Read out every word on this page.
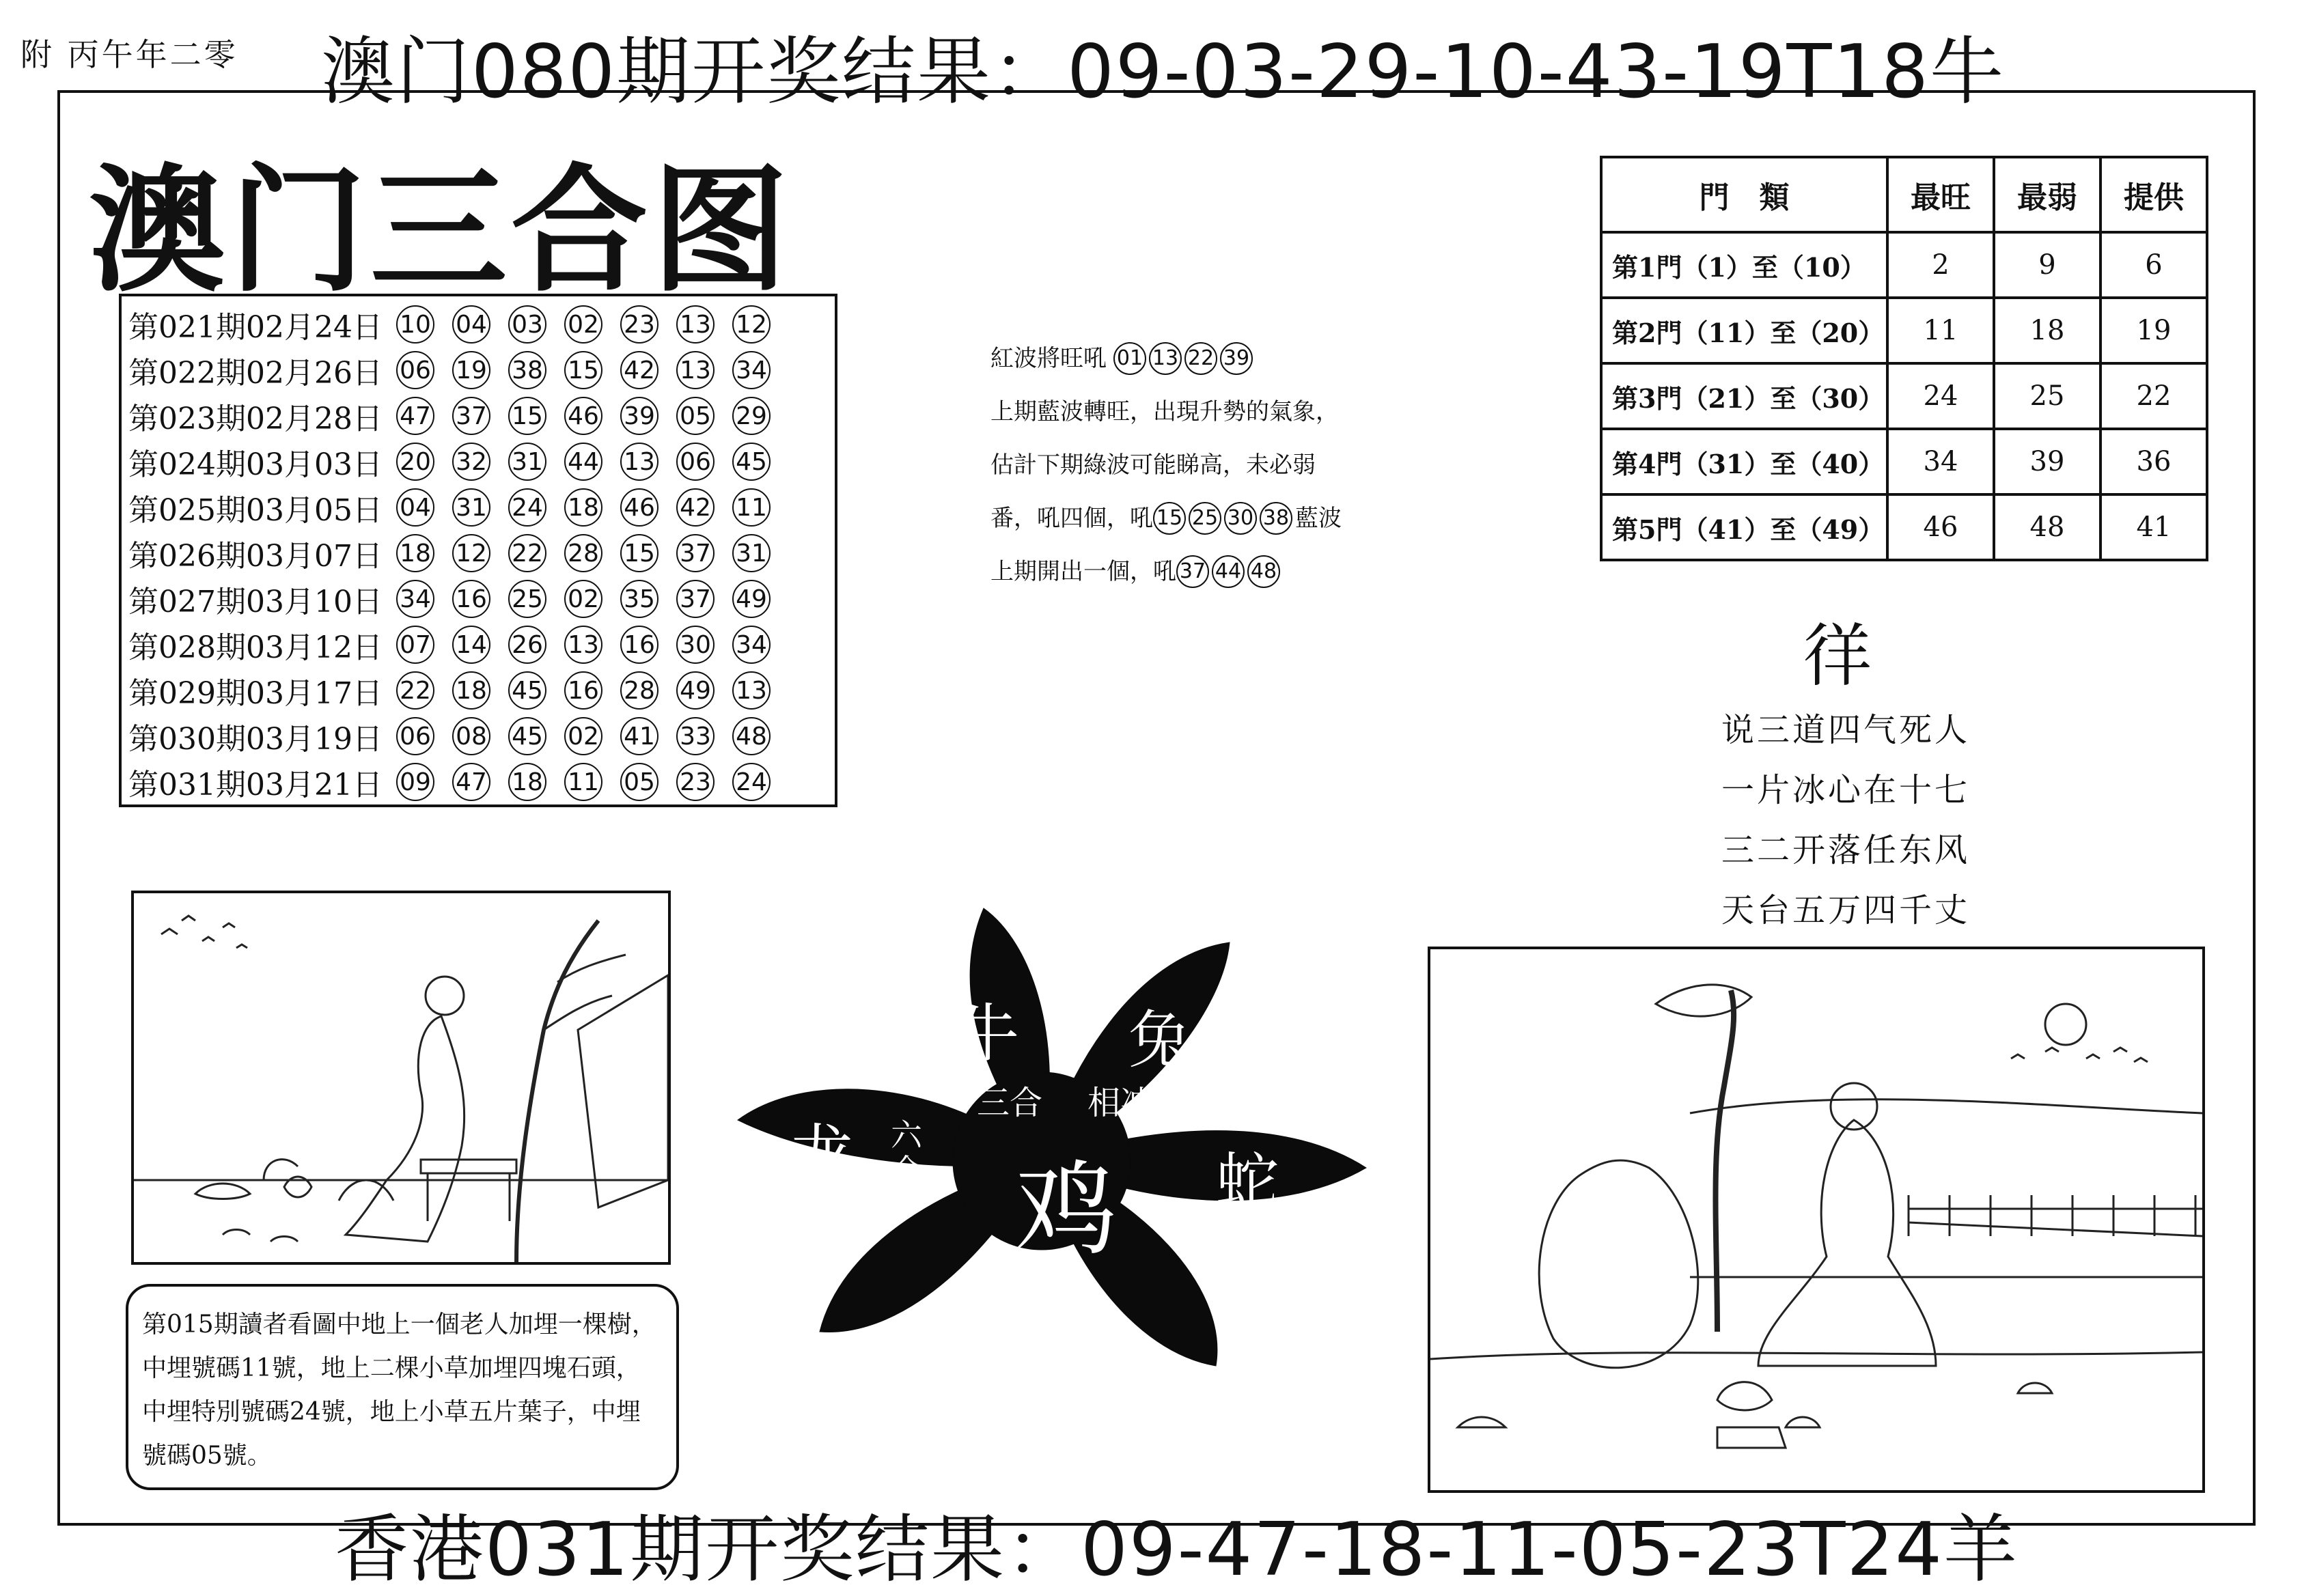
附 丙午年二零 澳门080期开奖结果：09-03-29-10-43-19T18牛
澳门三合图
第021期02月24日 10 04 03 02 23 13 12
第022期02月26日 06 19 38 15 42 13 34
第023期02月28日 47 37 15 46 39 05 29
第024期03月03日 20 32 31 44 13 06 45
第025期03月05日 04 31 24 18 46 42 11
第026期03月07日 18 12 22 28 15 37 31
第027期03月10日 34 16 25 02 35 37 49
第028期03月12日 07 14 26 13 16 30 34
第029期03月17日 22 18 45 16 28 49 13
第030期03月19日 06 08 45 02 41 33 48
第031期03月21日 09 47 18 11 05 23 24
紅波將旺吼 01 13 22 39
上期藍波轉旺，出現升勢的氣象，
估計下期綠波可能睇高，未必弱
番，吼四個，吼 15 25 30 38 藍波
上期開出一個，吼 37 44 48
門　類	最旺	最弱	提供
第1門（1）至（10）	2	9	6
第2門（11）至（20）	11	18	19
第3門（21）至（30）	24	25	22
第4門（31）至（40）	34	39	36
第5門（41）至（49）	46	48	41
徉
说三道四气死人
一片冰心在十七
三二开落任东风
天台五万四千丈
牛 兔
龙	蛇
鸡
三合 相冲
六合
第015期讀者看圖中地上一個老人加埋一棵樹，中埋號碼11號，地上二棵小草加埋四塊石頭，中埋特別號碼24號，地上小草五片葉子，中埋號碼05號。
香港031期开奖结果：09-47-18-11-05-23T24羊
